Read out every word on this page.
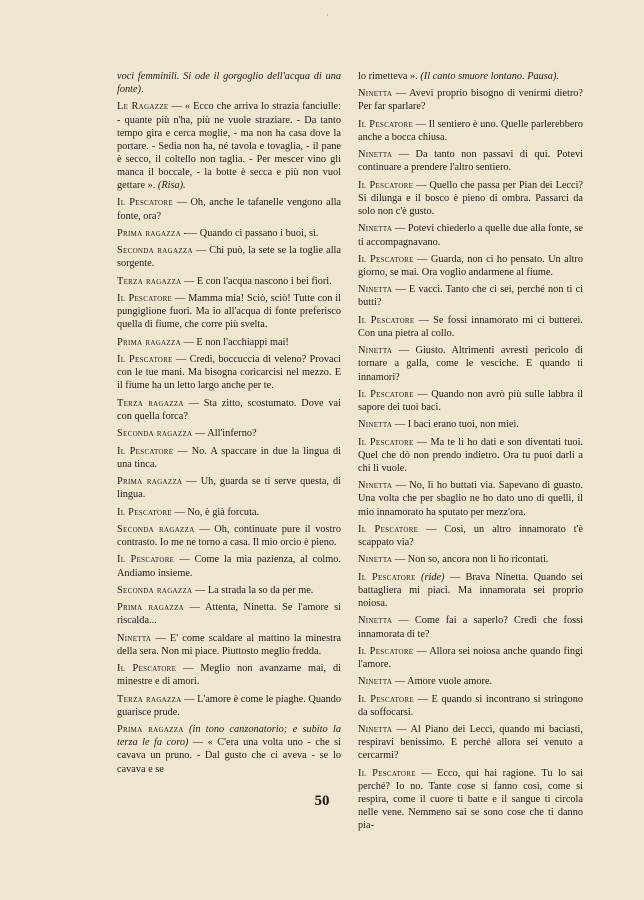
·

voci femminili. Si ode il gorgoglio dell'acqua di una fonte).

Le Ragazze — « Ecco che arriva lo strazia fanciulle: - quante più n'ha, più ne vuole straziare. - Da tanto tempo gira e cerca moglie, - ma non ha casa dove la portare. - Sedia non ha, né tavola e tovaglia, - il pane è secco, il coltello non taglia. - Per mescer vino gli manca il boccale, - la botte è secca e più non vuol gettare ». (Risa).

Il Pescatore — Oh, anche le tafanelle vengono alla fonte, ora?

Prima ragazza -— Quando ci passano i buoi, sì.

Seconda ragazza — Chi può, la sete se la toglie alla sorgente.

Terza ragazza — E con l'acqua nascono i bei fiori.

Il Pescatore — Mamma mia! Sciò, sciò! Tutte con il pungiglione fuori. Ma io all'acqua di fonte preferisco quella di fiume, che corre più svelta.

Prima ragazza — E non l'acchiappi mai!

Il Pescatore — Credi, boccuccia di veleno? Provaci con le tue mani. Ma bisogna coricarcisi nel mezzo. E il fiume ha un letto largo anche per te.

Terza ragazza — Sta zitto, scostumato. Dove vai con quella forca?

Seconda ragazza — All'inferno?

Il Pescatore — No. A spaccare in due la lingua di una tinca.

Prima ragazza — Uh, guarda se ti serve questa, di lingua.

Il Pescatore — No, è già forcuta.

Seconda ragazza — Oh, continuate pure il vostro contrasto. Io me ne torno a casa. Il mio orcio è pieno.

Il Pescatore — Come la mia pazienza, al colmo. Andiamo insieme.

Seconda ragazza — La strada la so da per me.

Prima ragazza — Attenta, Ninetta. Se l'amore si riscalda...

Ninetta — E' come scaldare al mattino la minestra della sera. Non mi piace. Piuttosto meglio fredda.

Il Pescatore — Meglio non avanzarne mai, di minestre e di amori.

Terza ragazza — L'amore è come le piaghe. Quando guarisce prude.

Prima ragazza (in tono canzonatorio; e subito la terza le fa coro) — « C'era una volta uno - che si cavava un pruno. - Dal gusto che ci aveva - se lo cavava e se

lo rimetteva ». (Il canto smuore lontano. Pausa).

Ninetta — Avevi proprio bisogno di venirmi dietro? Per far sparlare?

Il Pescatore — Il sentiero è uno. Quelle parlerebbero anche a bocca chiusa.

Ninetta — Da tanto non passavi di qui. Potevi continuare a prendere l'altro sentiero.

Il Pescatore — Quello che passa per Pian dei Lecci? Si dilunga e il bosco è pieno di ombra. Passarci da solo non c'è gusto.

Ninetta — Potevi chiederlo a quelle due alla fonte, se ti accompagnavano.

Il Pescatore — Guarda, non ci ho pensato. Un altro giorno, se mai. Ora voglio andarmene al fiume.

Ninetta — E vacci. Tanto che ci sei, perché non ti ci butti?

Il Pescatore — Se fossi innamorato mi ci butterei. Con una pietra al collo.

Ninetta — Giusto. Altrimenti avresti pericolo di tornare a galla, come le vesciche. E quando ti innamori?

Il Pescatore — Quando non avrò più sulle labbra il sapore dei tuoi baci.

Ninetta — I baci erano tuoi, non miei.

Il Pescatore — Ma te li ho dati e son diventati tuoi. Quel che dò non prendo indietro. Ora tu puoi darli a chi li vuole.

Ninetta — No, li ho buttati via. Sapevano di guasto. Una volta che per sbaglio ne ho dato uno di quelli, il mio innamorato ha sputato per mezz'ora.

Il Pescatore — Così, un altro innamorato t'è scappato via?

Ninetta — Non so, ancora non li ho ricontati.

Il Pescatore (ride) — Brava Ninetta. Quando sei battagliera mi piaci. Ma innamorata sei proprio noiosa.

Ninetta — Come fai a saperlo? Credi che fossi innamorata di te?

Il Pescatore — Allora sei noiosa anche quando fingi l'amore.

Ninetta — Amore vuole amore.

Il Pescatore — E quando si incontrano si stringono da soffocarsi.

Ninetta — Al Piano dei Lecci, quando mi baciasti, respiravi benissimo. E perché allora sei venuto a cercarmi?

Il Pescatore — Ecco, qui hai ragione. Tu lo sai perché? Io no. Tante cose si fanno così, come si respira, come il cuore ti batte e il sangue ti circola nelle vene. Nemmeno sai se sono cose che ti danno pia-

50
